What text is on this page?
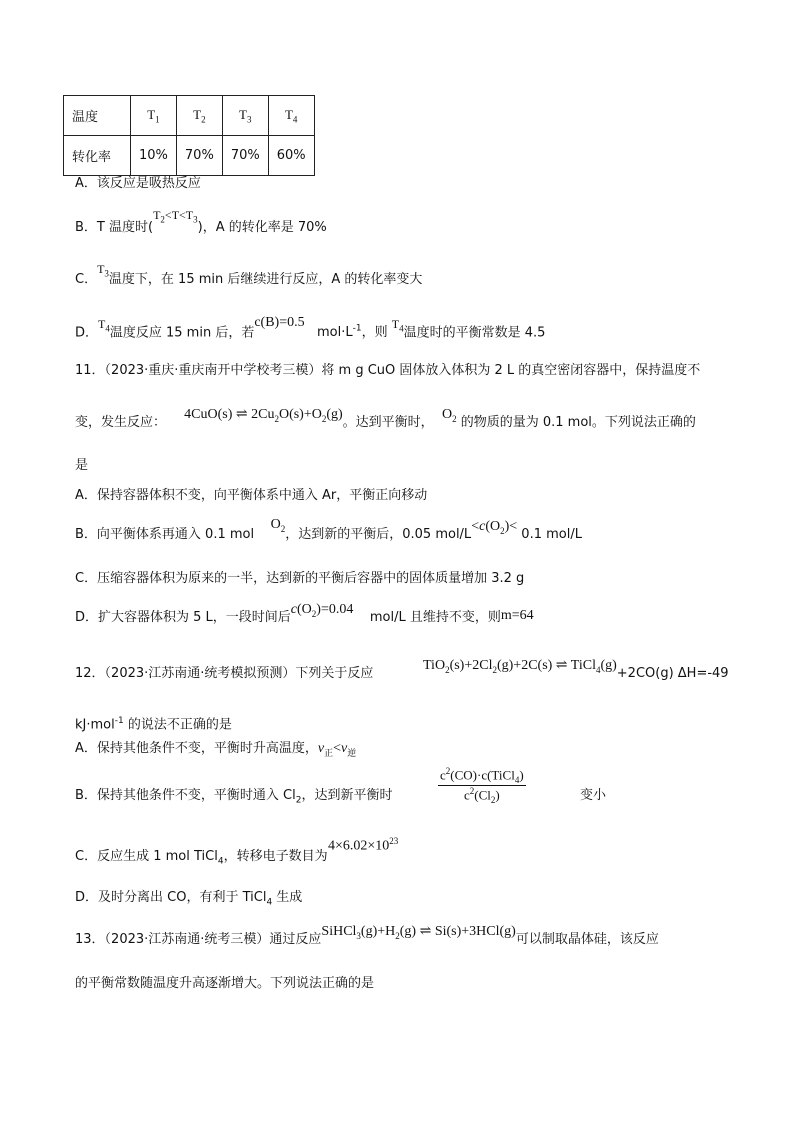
温度	$T_1$	$T_2$	$T_3$	$T_4$
转化率	10%	70%	70%	60%
A．该反应是吸热反应
B．T 温度时$(T_2<T<T_3)$，A 的转化率是 70%
C．$T_3$温度下，在 15 min 后继续进行反应，A 的转化率变大
D．$T_4$温度反应 15 min 后，若c(B)=0.5   $mol\cdot L^{-1}$，则 $T_4$温度时的平衡常数是 4.5
11．（2023·重庆·重庆南开中学校考三模）将 m g CuO 固体放入体积为 2 L 的真空密闭容器中，保持温度不
变，发生反应： 4CuO(s) ⇌ $2Cu_2O(s)+O_2(g)$。达到平衡时，  $O_2$ 的物质的量为 0.1 mol。下列说法正确的
是
A．保持容器体积不变，向平衡体系中通入 Ar，平衡正向移动
B．向平衡体系再通入 0.1 mol    $O_2$，达到新的平衡后，0.05 mol/$L<c(O_2)< 0.1$ mol/L
C．压缩容器体积为原来的一半，达到新的平衡后容器中的固体质量增加 3.2 g
D．扩大容器体积为 5 L，一段时间后$c(O_2)=0.04$    mol/L 且维持不变，则m=64
12．（2023·江苏南通·统考模拟预测）下列关于反应            $TiO_2(s)+2Cl_2(g)+2C(s)$ ⇌ TiCl$_4$(g)+2CO(g) ΔH=-49
kJ·mol$^{-1}$ 的说法不正确的是
A．保持其他条件不变，平衡时升高温度，$v_正<v_逆$
B．保持其他条件不变，平衡时通入 $Cl_2$，达到新平衡时
$c^2(CO)\cdot c(TiCl_4)$
$c^2(Cl_2)$	变小
C．反应生成 1 mol TiCl$_4$，转移电子数目为
$4\times 6.02\times 10^{23}$
D．及时分离出 CO，有利于 TiCl$_4$ 生成
13．（2023·江苏南通·统考三模）通过反应$SiHCl_3(g)+H_2(g)$ ⇌ Si(s)+3HCl(g)可以制取晶体硅，该反应
的平衡常数随温度升高逐渐增大。下列说法正确的是
